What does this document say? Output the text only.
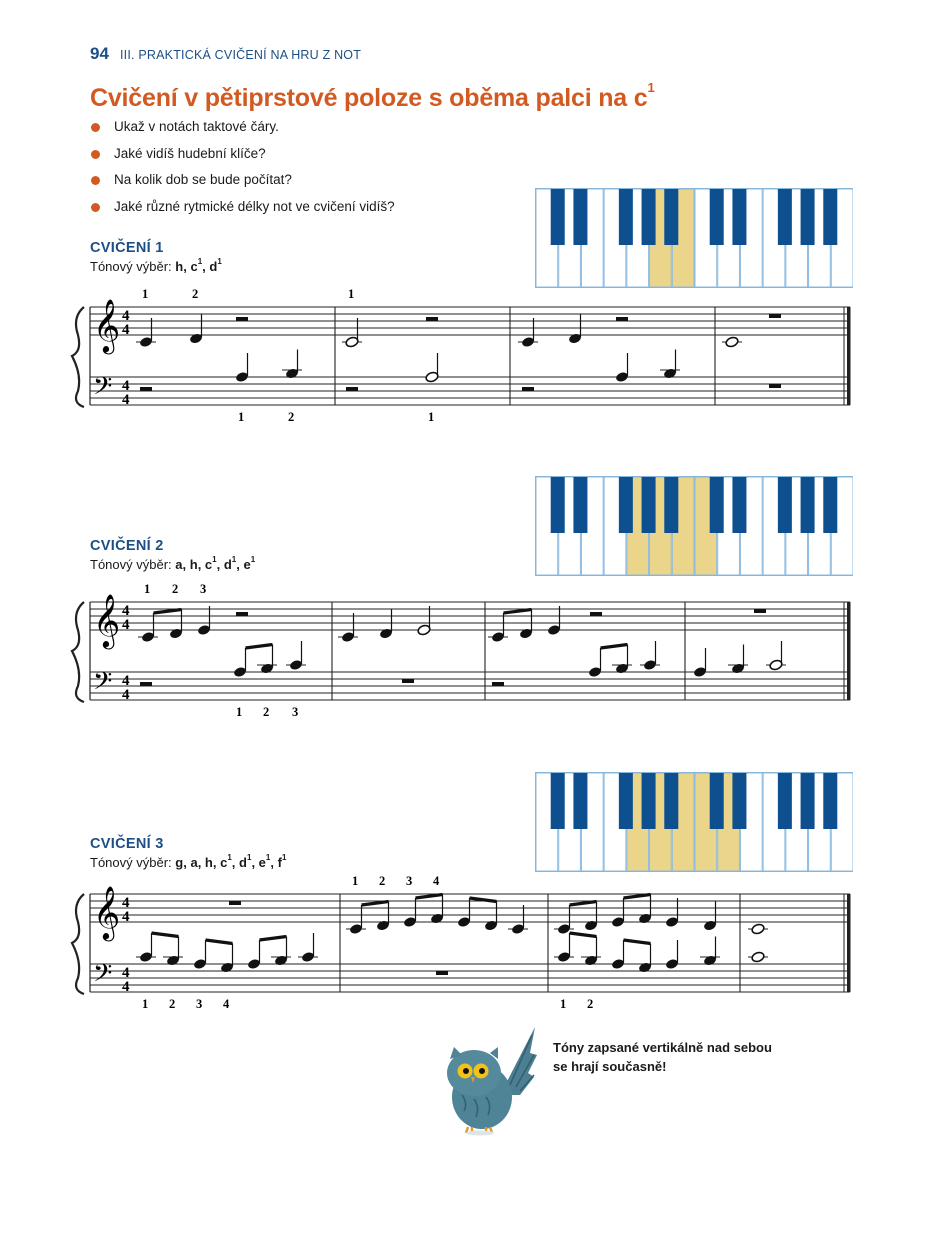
94 III. PRAKTICKÁ CVIČENÍ NA HRU Z NOT
Cvičení v pětiprstové poloze s oběma palci na $c^1$
Ukaž v notách taktové čáry.
Jaké vidíš hudební klíče?
Na kolik dob se bude počítat?
Jaké různé rytmické délky not ve cvičení vidíš?
CVIČENÍ 1
Tónový výběr: h, $c^1$, $d^1$
𝄞
𝄢
4
4
4
4
1	2	1
1	2	1
CVIČENÍ 2
Tónový výběr: a, h, $c^1$, $d^1$, $e^1$
𝄞
𝄢
4
4
4
4
1 2 3
1 2 3
CVIČENÍ 3
Tónový výběr: g, a, h, $c^1$, $d^1$, $e^1$, $f^1$
𝄞
𝄢
4
4
4
4
1 2 3 4
1 2 3 4	1 2
Tóny zapsané vertikálně nad sebou
se hrají současně!
